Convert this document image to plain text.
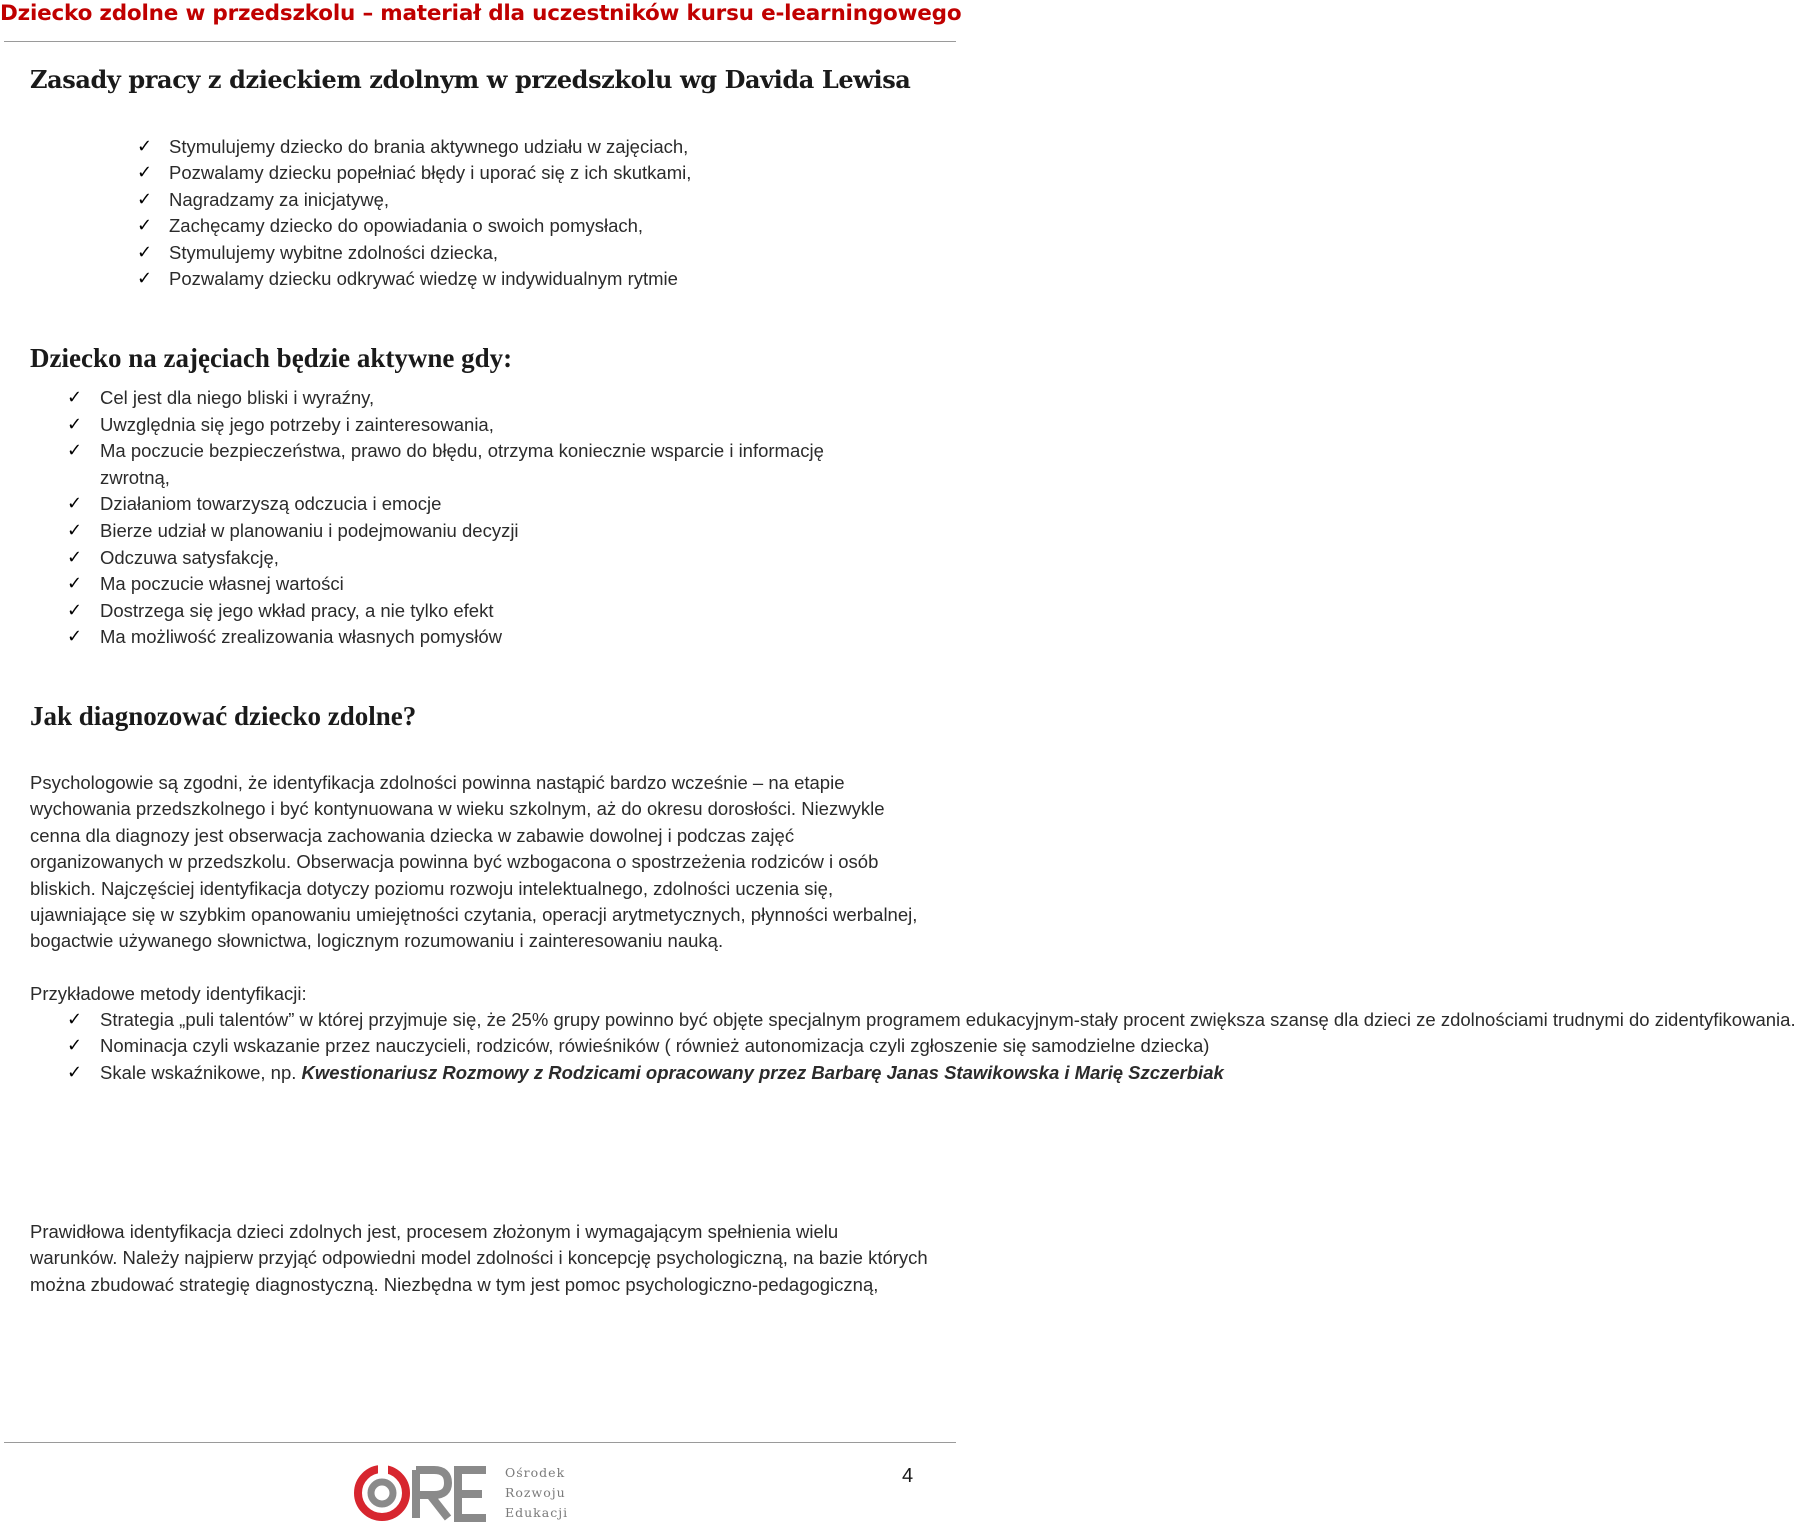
Dziecko zdolne w przedszkolu – materiał dla uczestników kursu e-learningowego
Zasady pracy z dzieckiem zdolnym w przedszkolu wg Davida Lewisa
✓ Stymulujemy dziecko do brania aktywnego udziału w zajęciach,
✓ Pozwalamy dziecku popełniać błędy i uporać się z ich skutkami,
✓ Nagradzamy za inicjatywę,
✓ Zachęcamy dziecko do opowiadania o swoich pomysłach,
✓ Stymulujemy wybitne zdolności dziecka,
✓ Pozwalamy dziecku odkrywać wiedzę w indywidualnym rytmie
Dziecko na zajęciach będzie aktywne gdy:
✓ Cel jest dla niego bliski i wyraźny,
✓ Uwzględnia się jego potrzeby i zainteresowania,
✓ Ma poczucie bezpieczeństwa, prawo do błędu, otrzyma koniecznie wsparcie i informację zwrotną,
✓ Działaniom towarzyszą odczucia i emocje
✓ Bierze udział w planowaniu i podejmowaniu decyzji
✓ Odczuwa satysfakcję,
✓ Ma poczucie własnej wartości
✓ Dostrzega się jego wkład pracy, a nie tylko efekt
✓ Ma możliwość zrealizowania własnych pomysłów
Jak diagnozować dziecko zdolne?

Psychologowie są zgodni, że identyfikacja zdolności powinna nastąpić bardzo wcześnie – na etapie wychowania przedszkolnego i być kontynuowana w wieku szkolnym, aż do okresu dorosłości. Niezwykle cenna dla diagnozy jest obserwacja zachowania dziecka w zabawie dowolnej i podczas zajęć organizowanych w przedszkolu. Obserwacja powinna być wzbogacona o spostrzeżenia rodziców i osób bliskich. Najczęściej identyfikacja dotyczy poziomu rozwoju intelektualnego, zdolności uczenia się, ujawniające się w szybkim opanowaniu umiejętności czytania, operacji arytmetycznych, płynności werbalnej, bogactwie używanego słownictwa, logicznym rozumowaniu i zainteresowaniu nauką.

Przykładowe metody identyfikacji:

✓ Strategia „puli talentów” w której przyjmuje się, że 25% grupy powinno być objęte specjalnym programem edukacyjnym-stały procent zwiększa szansę dla dzieci ze zdolnościami trudnymi do zidentyfikowania.
✓ Nominacja czyli wskazanie przez nauczycieli, rodziców, rówieśników ( również autonomizacja czyli zgłoszenie się samodzielne dziecka)
✓ Skale wskaźnikowe, np. Kwestionariusz Rozmowy z Rodzicami opracowany przez Barbarę Janas Stawikowska i Marię Szczerbiak

Prawidłowa identyfikacja dzieci zdolnych jest, procesem złożonym i wymagającym spełnienia wielu warunków. Należy najpierw przyjąć odpowiedni model zdolności i koncepcję psychologiczną, na bazie których można zbudować strategię diagnostyczną. Niezbędna w tym jest pomoc psychologiczno-pedagogiczną,

Ośrodek
Rozwoju
Edukacji
4
